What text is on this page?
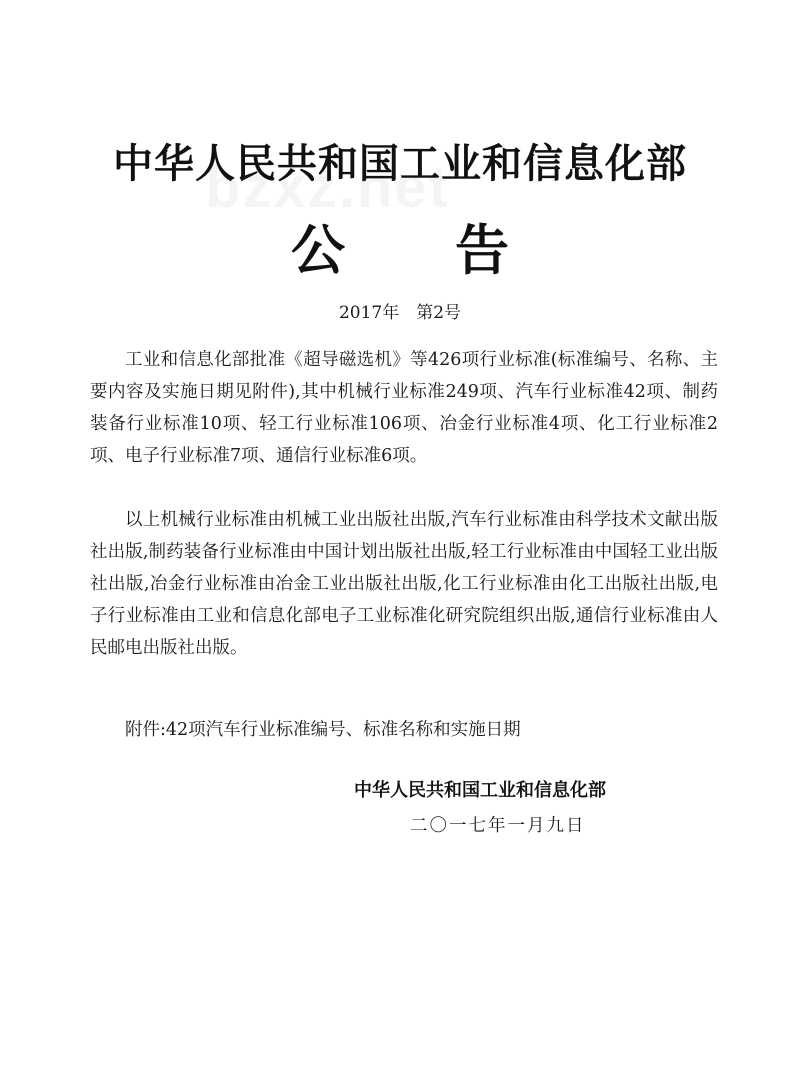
中华人民共和国工业和信息化部
公告
2017年　第2号

工业和信息化部批准《超导磁选机》等426项行业标准(标准编号、名称、主要内容及实施日期见附件),其中机械行业标准249项、汽车行业标准42项、制药装备行业标准10项、轻工行业标准106项、冶金行业标准4项、化工行业标准2项、电子行业标准7项、通信行业标准6项。

以上机械行业标准由机械工业出版社出版,汽车行业标准由科学技术文献出版社出版,制药装备行业标准由中国计划出版社出版,轻工行业标准由中国轻工业出版社出版,冶金行业标准由冶金工业出版社出版,化工行业标准由化工出版社出版,电子行业标准由工业和信息化部电子工业标准化研究院组织出版,通信行业标准由人民邮电出版社出版。

附件:42项汽车行业标准编号、标准名称和实施日期
中华人民共和国工业和信息化部
二〇一七年一月九日
